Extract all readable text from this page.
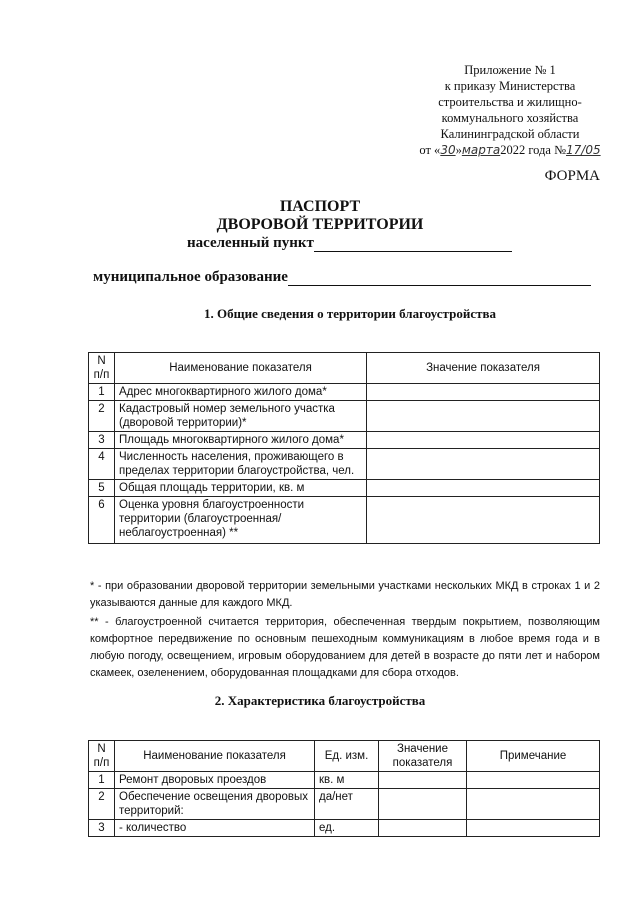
Приложение № 1
к приказу Министерства
строительства и жилищно-
коммунального хозяйства
Калининградской области
от «30»марта2022 года №17/05
ФОРМА
ПАСПОРТ
ДВОРОВОЙ ТЕРРИТОРИИ
населенный пункт
муниципальное образование
1. Общие сведения о территории благоустройства
N п/п	Наименование показателя	Значение показателя
1	Адрес многоквартирного жилого дома*	
2	Кадастровый номер земельного участка (дворовой территории)*	
3	Площадь многоквартирного жилого дома*	
4	Численность населения, проживающего в пределах территории благоустройства, чел.	
5	Общая площадь территории, кв. м	
6	Оценка уровня благоустроенности территории (благоустроенная/ неблагоустроенная) **	
* - при образовании дворовой территории земельными участками нескольких МКД в строках 1 и 2 указываются данные для каждого МКД.
** - благоустроенной считается территория, обеспеченная твердым покрытием, позволяющим комфортное передвижение по основным пешеходным коммуникациям в любое время года и в любую погоду, освещением, игровым оборудованием для детей в возрасте до пяти лет и набором скамеек, озеленением, оборудованная площадками для сбора отходов.
2. Характеристика благоустройства
N п/п	Наименование показателя	Ед. изм.	Значение показателя	Примечание
1	Ремонт дворовых проездов	кв. м		
2	Обеспечение освещения дворовых территорий:	да/нет		
3	- количество	ед.		
